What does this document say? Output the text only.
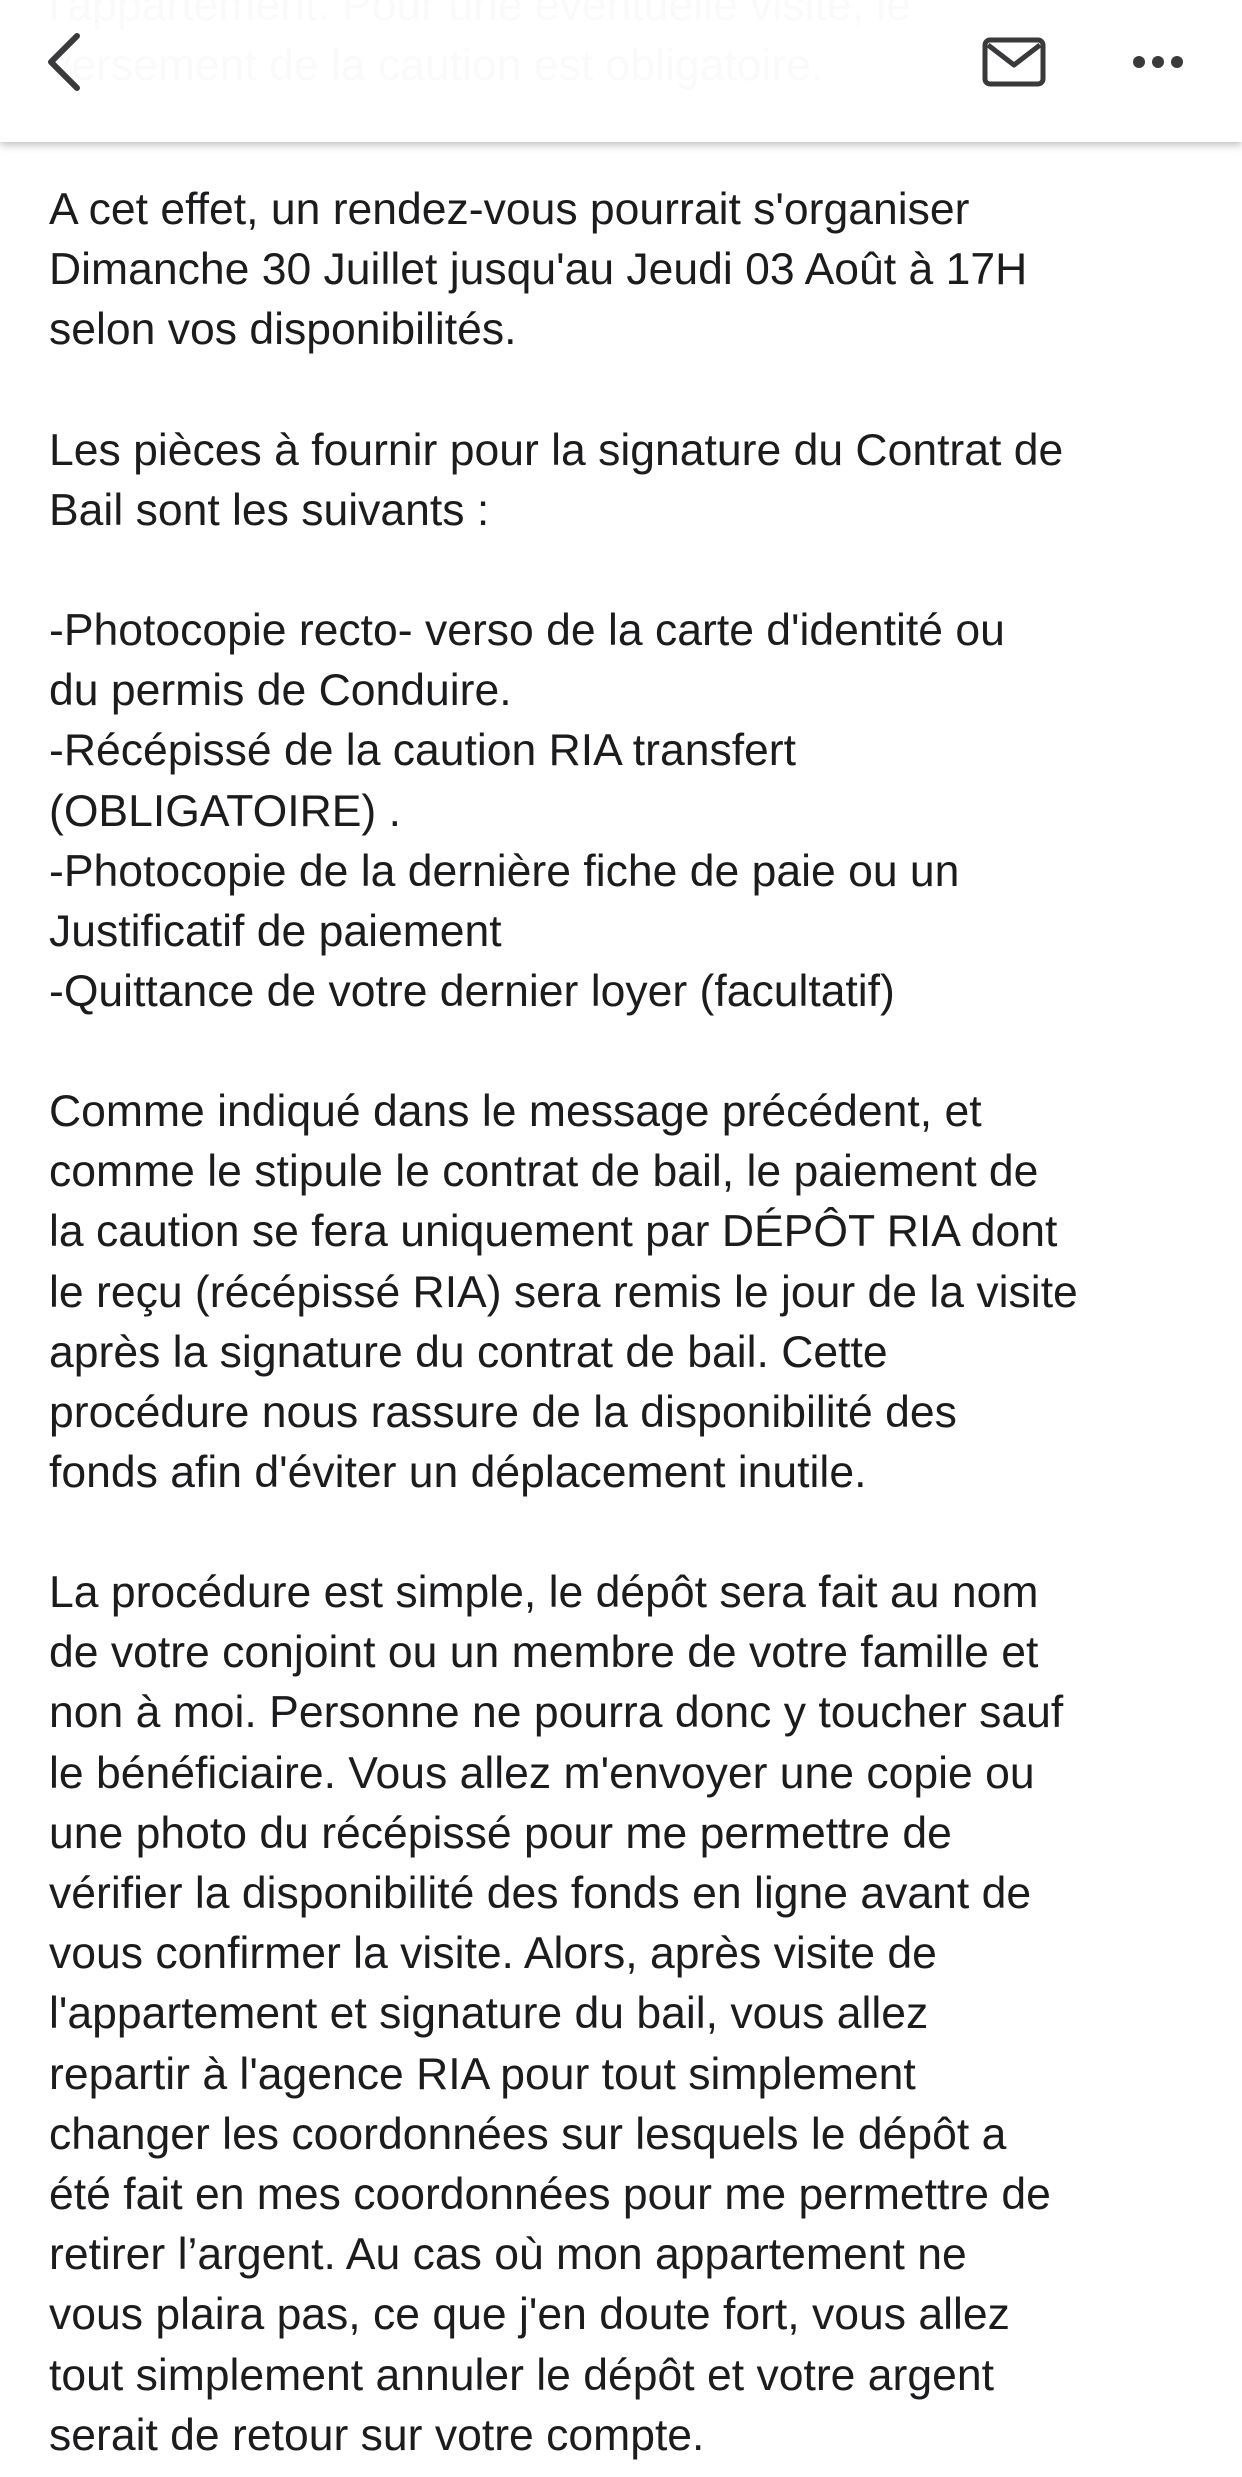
A cet effet, un rendez-vous pourrait s'organiser
Dimanche 30 Juillet jusqu'au Jeudi 03 Août à 17H
selon vos disponibilités.

Les pièces à fournir pour la signature du Contrat de
Bail sont les suivants :

-Photocopie recto- verso de la carte d'identité ou
du permis de Conduire.
-Récépissé de la caution RIA transfert
(OBLIGATOIRE) .
-Photocopie de la dernière fiche de paie ou un
Justificatif de paiement
-Quittance de votre dernier loyer (facultatif)

Comme indiqué dans le message précédent, et
comme le stipule le contrat de bail, le paiement de
la caution se fera uniquement par DÉPÔT RIA dont
le reçu (récépissé RIA) sera remis le jour de la visite
après la signature du contrat de bail. Cette
procédure nous rassure de la disponibilité des
fonds afin d'éviter un déplacement inutile.

La procédure est simple, le dépôt sera fait au nom
de votre conjoint ou un membre de votre famille et
non à moi. Personne ne pourra donc y toucher sauf
le bénéficiaire. Vous allez m'envoyer une copie ou
une photo du récépissé pour me permettre de
vérifier la disponibilité des fonds en ligne avant de
vous confirmer la visite. Alors, après visite de
l'appartement et signature du bail, vous allez
repartir à l'agence RIA pour tout simplement
changer les coordonnées sur lesquels le dépôt a
été fait en mes coordonnées pour me permettre de
retirer l’argent. Au cas où mon appartement ne
vous plaira pas, ce que j'en doute fort, vous allez
tout simplement annuler le dépôt et votre argent
serait de retour sur votre compte.
